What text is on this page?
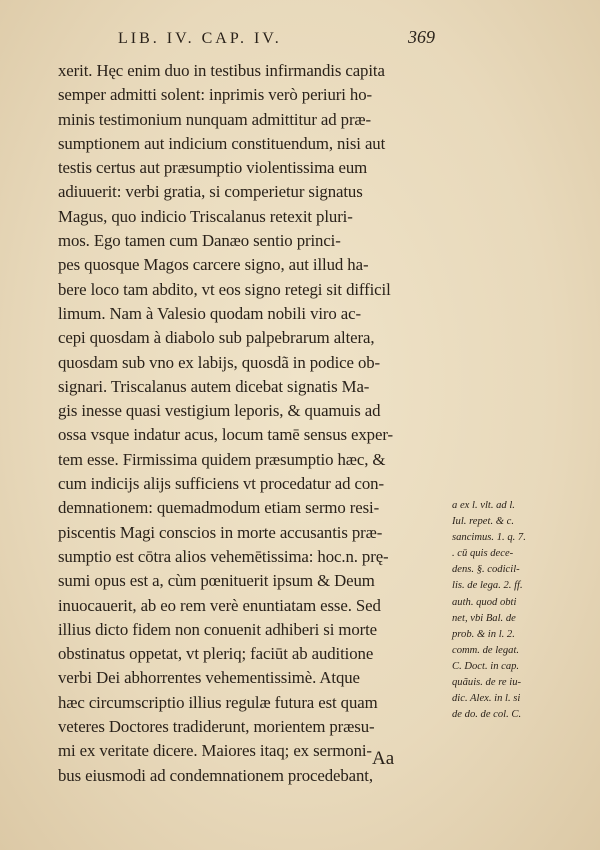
LIB. IV. CAP. IV.	369
xerit. Hęc enim duo in testibus infirmandis capita
semper admitti solent: inprimis verò periuri ho-
minis testimonium nunquam admittitur ad præ-
sumptionem aut indicium constituendum, nisi aut
testis certus aut præsumptio violentissima eum
adiuuerit: verbi gratia, si comperietur signatus
Magus, quo indicio Triscalanus retexit pluri-
mos. Ego tamen cum Danæo sentio princi-
pes quosque Magos carcere signo, aut illud ha-
bere loco tam abdito, vt eos signo retegi sit difficil
limum. Nam à Valesio quodam nobili viro ac-
cepi quosdam à diabolo sub palpebrarum altera,
quosdam sub vno ex labijs, quosdã in podice ob-
signari. Triscalanus autem dicebat signatis Ma-
gis inesse quasi vestigium leporis, & quamuis ad
ossa vsque indatur acus, locum tamē sensus exper-
tem esse. Firmissima quidem præsumptio hæc, &
cum indicijs alijs sufficiens vt procedatur ad con-
demnationem: quemadmodum etiam sermo resi-
piscentis Magi conscios in morte accusantis præ-
sumptio est cōtra alios vehemētissima: hoc.n. prę-
sumi opus est a, cùm pœnituerit ipsum & Deum
inuocauerit, ab eo rem verè enuntiatam esse. Sed
illius dicto fidem non conuenit adhiberi si morte
obstinatus oppetat, vt pleriq; faciūt ab auditione
verbi Dei abhorrentes vehementissimè. Atque
hæc circumscriptio illius regulæ futura est quam
veteres Doctores tradiderunt, morientem præsu-
mi ex veritate dicere. Maiores itaq; ex sermoni-
bus eiusmodi ad condemnationem procedebant,
a ex l. vlt. ad l.
Iul. repet. & c.
sancimus. 1. q. 7.
. cū quis dece-
dens. §. codicil-
lis. de lega. 2. ff.
auth. quod obti
net, vbi Bal. de
prob. & in l. 2.
comm. de legat.
C. Doct. in cap.
quãuis. de re iu-
dic. Alex. in l. si
de do. de col. C.
Aa
